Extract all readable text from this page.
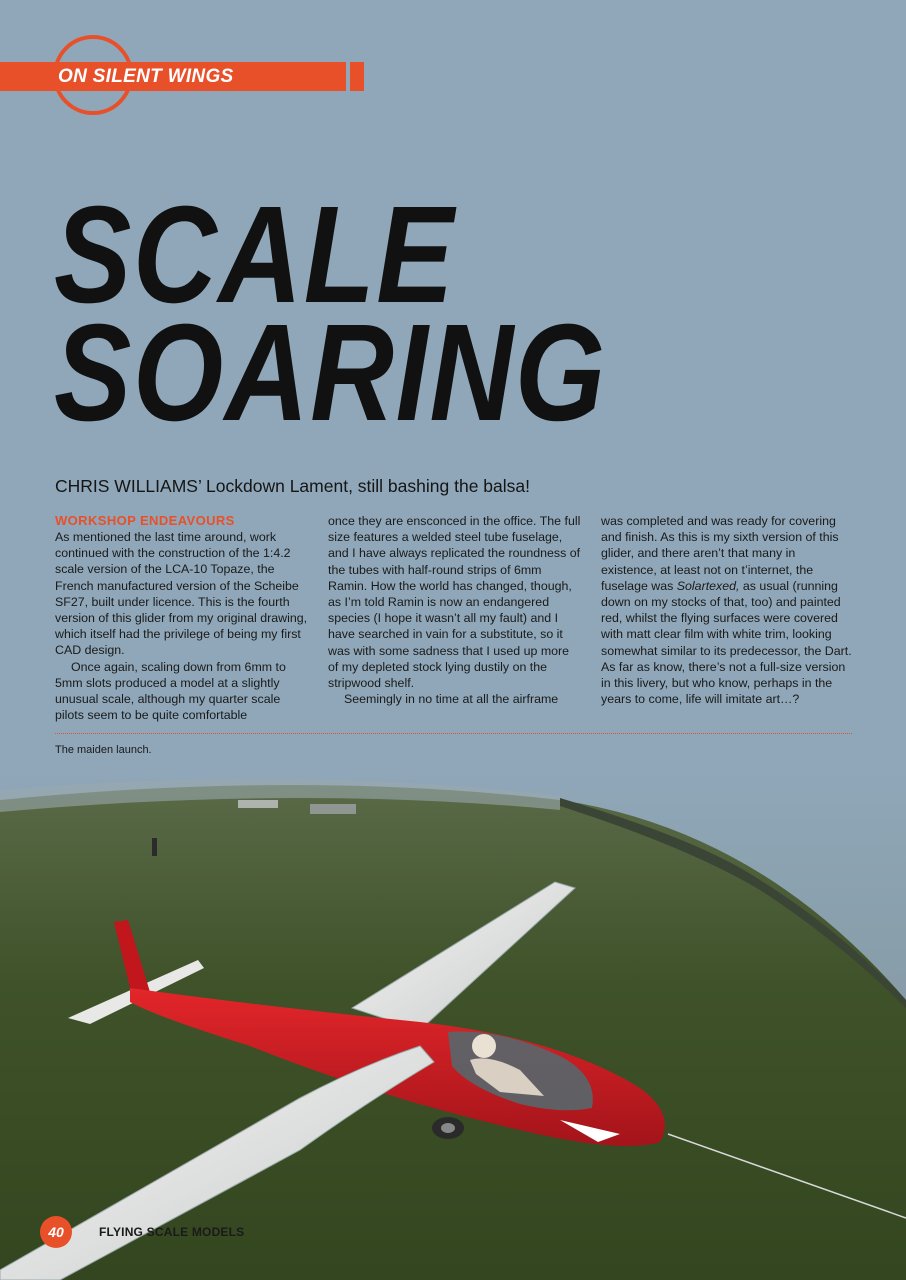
ON SILENT WINGS
SCALE
SOARING
CHRIS WILLIAMS’ Lockdown Lament, still bashing the balsa!
WORKSHOP ENDEAVOURS

As mentioned the last time around, work continued with the construction of the 1:4.2 scale version of the LCA-10 Topaze, the French manufactured version of the Scheibe SF27, built under licence. This is the fourth version of this glider from my original drawing, which itself had the privilege of being my first CAD design.

Once again, scaling down from 6mm to 5mm slots produced a model at a slightly unusual scale, although my quarter scale pilots seem to be quite comfortable

once they are ensconced in the office. The full size features a welded steel tube fuselage, and I have always replicated the roundness of the tubes with half-round strips of 6mm Ramin. How the world has changed, though, as I’m told Ramin is now an endangered species (I hope it wasn’t all my fault) and I have searched in vain for a substitute, so it was with some sadness that I used up more of my depleted stock lying dustily on the stripwood shelf.

Seemingly in no time at all the airframe

was completed and was ready for covering and finish. As this is my sixth version of this glider, and there aren’t that many in existence, at least not on t’internet, the fuselage was Solartexed, as usual (running down on my stocks of that, too) and painted red, whilst the flying surfaces were covered with matt clear film with white trim, looking somewhat similar to its predecessor, the Dart. As far as know, there’s not a full-size version in this livery, but who know, perhaps in the years to come, life will imitate art…?

The maiden launch.
40	FLYING SCALE MODELS
